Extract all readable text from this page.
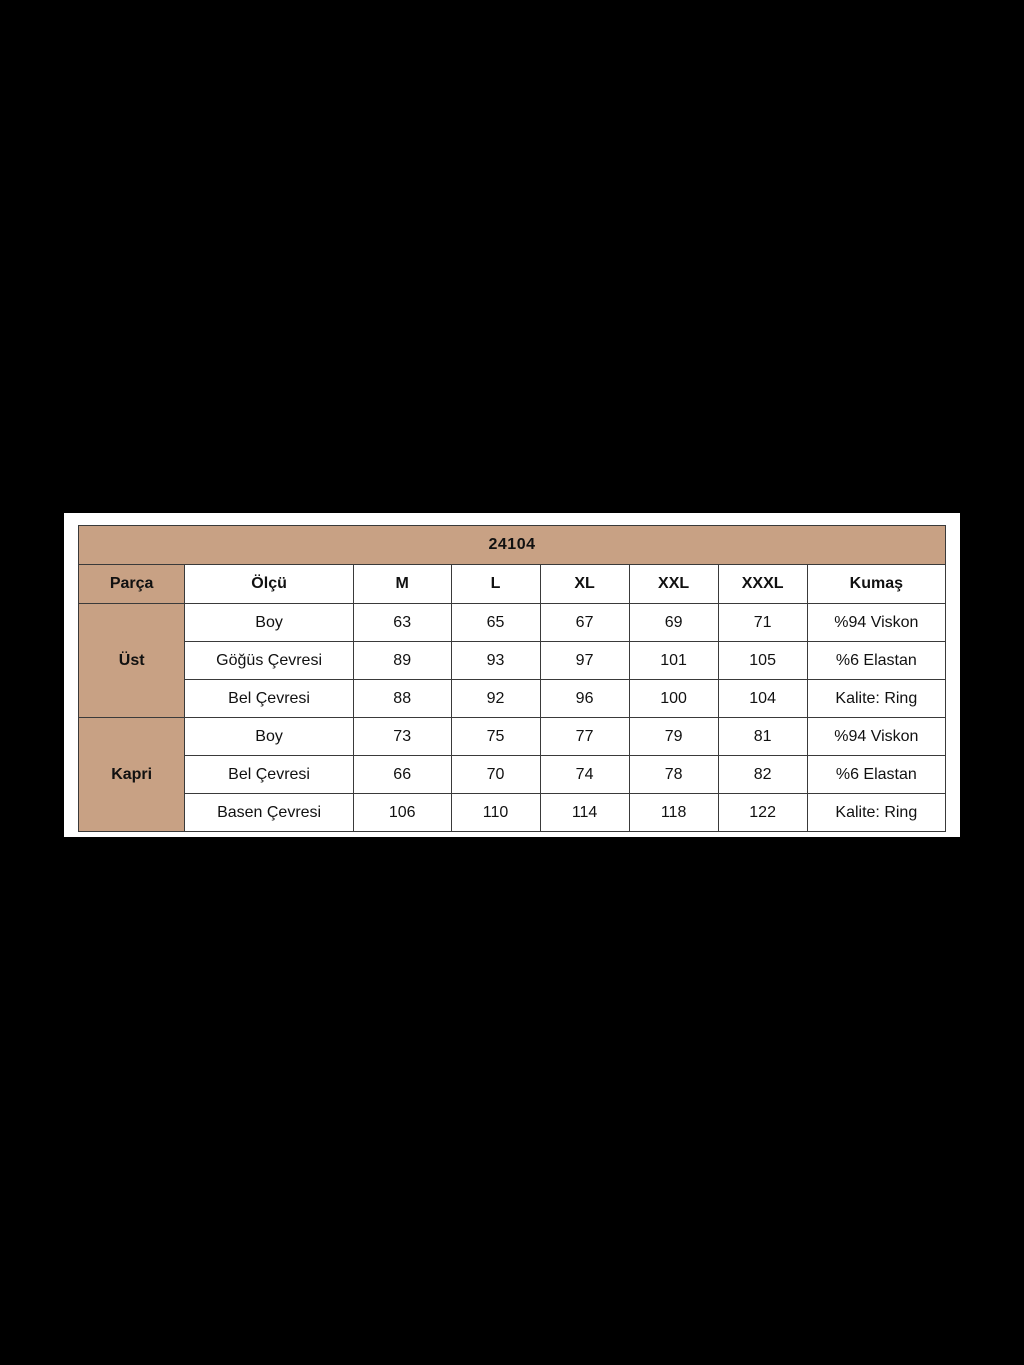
24104							
Parça	Ölçü	M	L	XL	XXL	XXXL	Kumaş
Üst	Boy	63	65	67	69	71	%94 Viskon
	Göğüs Çevresi	89	93	97	101	105	%6 Elastan
	Bel Çevresi	88	92	96	100	104	Kalite: Ring
Kapri	Boy	73	75	77	79	81	%94 Viskon
	Bel Çevresi	66	70	74	78	82	%6 Elastan
	Basen Çevresi	106	110	114	118	122	Kalite: Ring
